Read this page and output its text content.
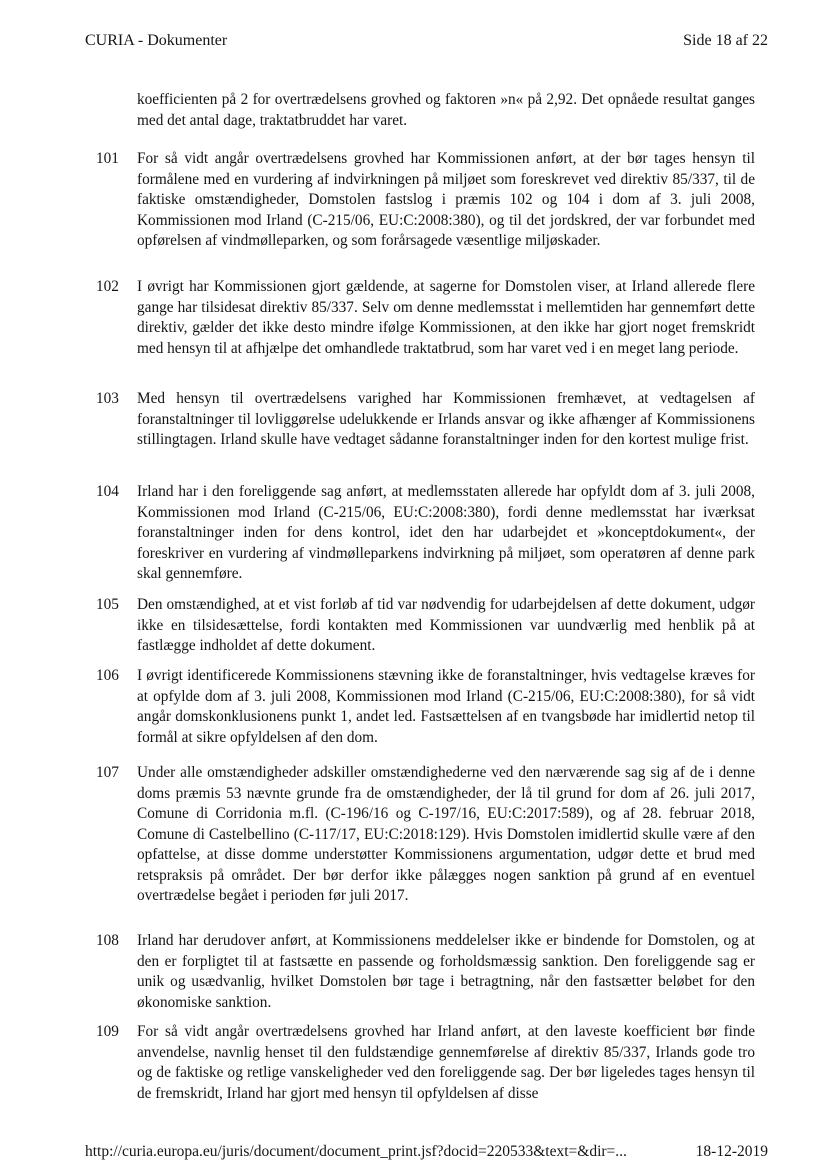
CURIA - Dokumenter	Side 18 af 22
koefficienten på 2 for overtrædelsens grovhed og faktoren »n« på 2,92. Det opnåede resultat ganges med det antal dage, traktatbruddet har varet.
101 For så vidt angår overtrædelsens grovhed har Kommissionen anført, at der bør tages hensyn til formålene med en vurdering af indvirkningen på miljøet som foreskrevet ved direktiv 85/337, til de faktiske omstændigheder, Domstolen fastslog i præmis 102 og 104 i dom af 3. juli 2008, Kommissionen mod Irland (C-215/06, EU:C:2008:380), og til det jordskred, der var forbundet med opførelsen af vindmølleparken, og som forårsagede væsentlige miljøskader.
102 I øvrigt har Kommissionen gjort gældende, at sagerne for Domstolen viser, at Irland allerede flere gange har tilsidesat direktiv 85/337. Selv om denne medlemsstat i mellemtiden har gennemført dette direktiv, gælder det ikke desto mindre ifølge Kommissionen, at den ikke har gjort noget fremskridt med hensyn til at afhjælpe det omhandlede traktatbrud, som har varet ved i en meget lang periode.
103 Med hensyn til overtrædelsens varighed har Kommissionen fremhævet, at vedtagelsen af foranstaltninger til lovliggørelse udelukkende er Irlands ansvar og ikke afhænger af Kommissionens stillingtagen. Irland skulle have vedtaget sådanne foranstaltninger inden for den kortest mulige frist.
104 Irland har i den foreliggende sag anført, at medlemsstaten allerede har opfyldt dom af 3. juli 2008, Kommissionen mod Irland (C-215/06, EU:C:2008:380), fordi denne medlemsstat har iværksat foranstaltninger inden for dens kontrol, idet den har udarbejdet et »konceptdokument«, der foreskriver en vurdering af vindmølleparkens indvirkning på miljøet, som operatøren af denne park skal gennemføre.
105 Den omstændighed, at et vist forløb af tid var nødvendig for udarbejdelsen af dette dokument, udgør ikke en tilsidesættelse, fordi kontakten med Kommissionen var uundværlig med henblik på at fastlægge indholdet af dette dokument.
106 I øvrigt identificerede Kommissionens stævning ikke de foranstaltninger, hvis vedtagelse kræves for at opfylde dom af 3. juli 2008, Kommissionen mod Irland (C-215/06, EU:C:2008:380), for så vidt angår domskonklusionens punkt 1, andet led. Fastsættelsen af en tvangsbøde har imidlertid netop til formål at sikre opfyldelsen af den dom.
107 Under alle omstændigheder adskiller omstændighederne ved den nærværende sag sig af de i denne doms præmis 53 nævnte grunde fra de omstændigheder, der lå til grund for dom af 26. juli 2017, Comune di Corridonia m.fl. (C-196/16 og C-197/16, EU:C:2017:589), og af 28. februar 2018, Comune di Castelbellino (C-117/17, EU:C:2018:129). Hvis Domstolen imidlertid skulle være af den opfattelse, at disse domme understøtter Kommissionens argumentation, udgør dette et brud med retspraksis på området. Der bør derfor ikke pålægges nogen sanktion på grund af en eventuel overtrædelse begået i perioden før juli 2017.
108 Irland har derudover anført, at Kommissionens meddelelser ikke er bindende for Domstolen, og at den er forpligtet til at fastsætte en passende og forholdsmæssig sanktion. Den foreliggende sag er unik og usædvanlig, hvilket Domstolen bør tage i betragtning, når den fastsætter beløbet for den økonomiske sanktion.
109 For så vidt angår overtrædelsens grovhed har Irland anført, at den laveste koefficient bør finde anvendelse, navnlig henset til den fuldstændige gennemførelse af direktiv 85/337, Irlands gode tro og de faktiske og retlige vanskeligheder ved den foreliggende sag. Der bør ligeledes tages hensyn til de fremskridt, Irland har gjort med hensyn til opfyldelsen af disse
http://curia.europa.eu/juris/document/document_print.jsf?docid=220533&text=&dir=...	18-12-2019
